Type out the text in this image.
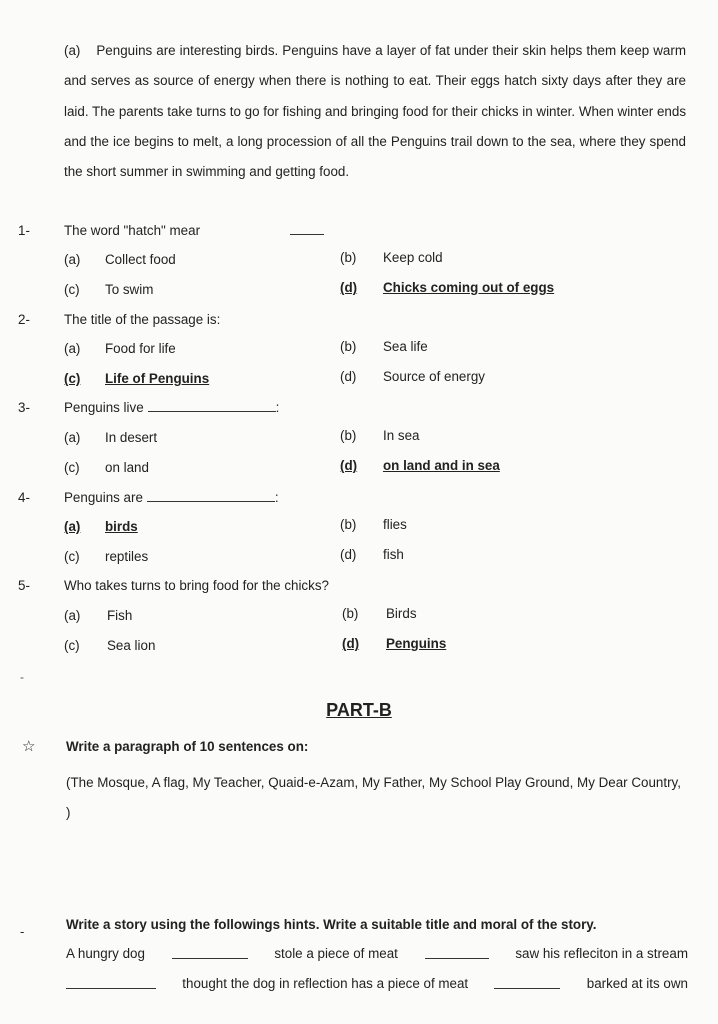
(a) Penguins are interesting birds. Penguins have a layer of fat under their skin helps them keep warm and serves as source of energy when there is nothing to eat. Their eggs hatch sixty days after they are laid. The parents take turns to go for fishing and bringing food for their chicks in winter. When winter ends and the ice begins to melt, a long procession of all the Penguins trail down to the sea, where they spend the short summer in swimming and getting food.

1-	The word "hatch" mear
(a) Collect food	(b) Keep cold
(c) To swim	(d) Chicks coming out of eggs
2-	The title of the passage is:
(a) Food for life	(b) Sea life
(c) Life of Penguins	(d) Source of energy
3-	Penguins live	:
(a) In desert	(b) In sea
(c) on land	(d) on land and in sea
4-	Penguins are	:
(a) birds	(b) flies
(c) reptiles	(d) fish
5-	Who takes turns to bring food for the chicks?
(a) Fish	(b) Birds
(c) Sea lion	(d) Penguins
-
PART-B
☆ Write a paragraph of 10 sentences on:
(The Mosque, A flag, My Teacher, Quaid-e-Azam, My Father, My School Play Ground, My Dear Country, )
-	Write a story using the followings hints. Write a suitable title and moral of the story.
A hungry dog	stole a piece of meat	saw his refleciton in a stream
thought the dog in reflection has a piece of meat	barked at its own
